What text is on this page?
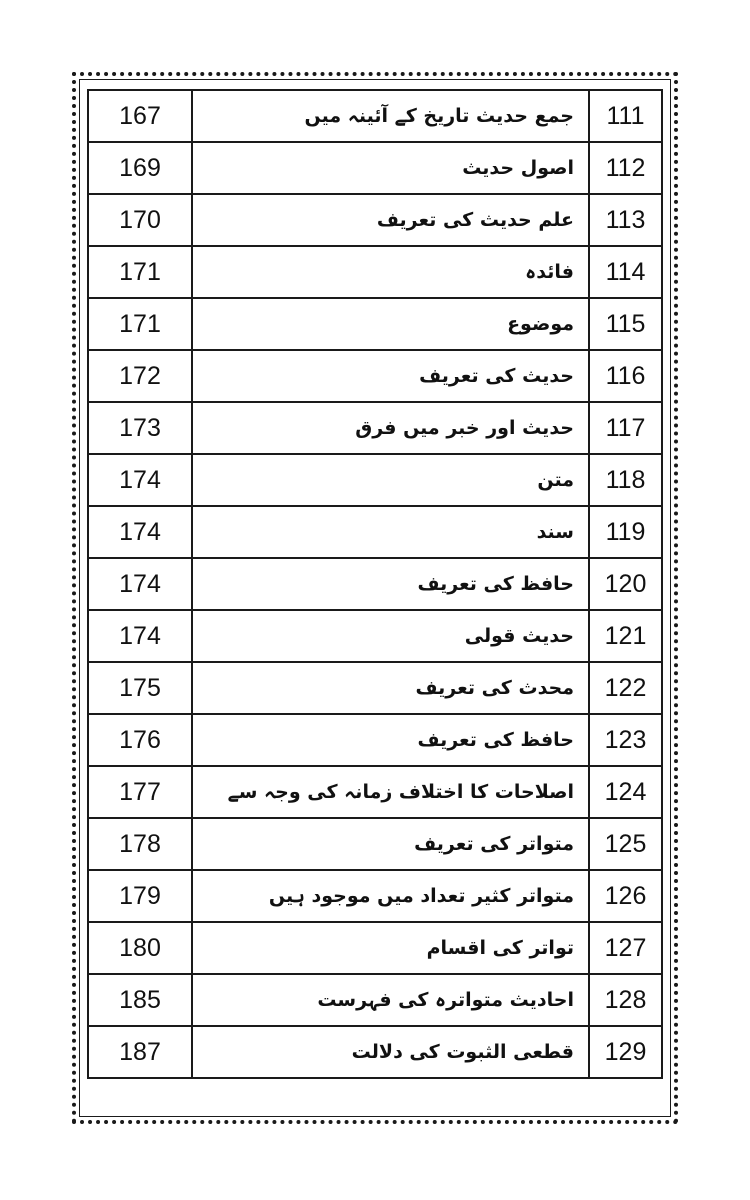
167	جمع حدیث تاریخ کے آئینہ میں	111
169	اصول حدیث	112
170	علم حدیث کی تعریف	113
171	فائدہ	114
171	موضوع	115
172	حدیث کی تعریف	116
173	حدیث اور خبر میں فرق	117
174	متن	118
174	سند	119
174	حافظ کی تعریف	120
174	حدیث قولی	121
175	محدث کی تعریف	122
176	حافظ کی تعریف	123
177	اصلاحات کا اختلاف زمانہ کی وجہ سے	124
178	متواتر کی تعریف	125
179	متواتر کثیر تعداد میں موجود ہیں	126
180	تواتر کی اقسام	127
185	احادیث متواترہ کی فہرست	128
187	قطعی الثبوت کی دلالت	129
